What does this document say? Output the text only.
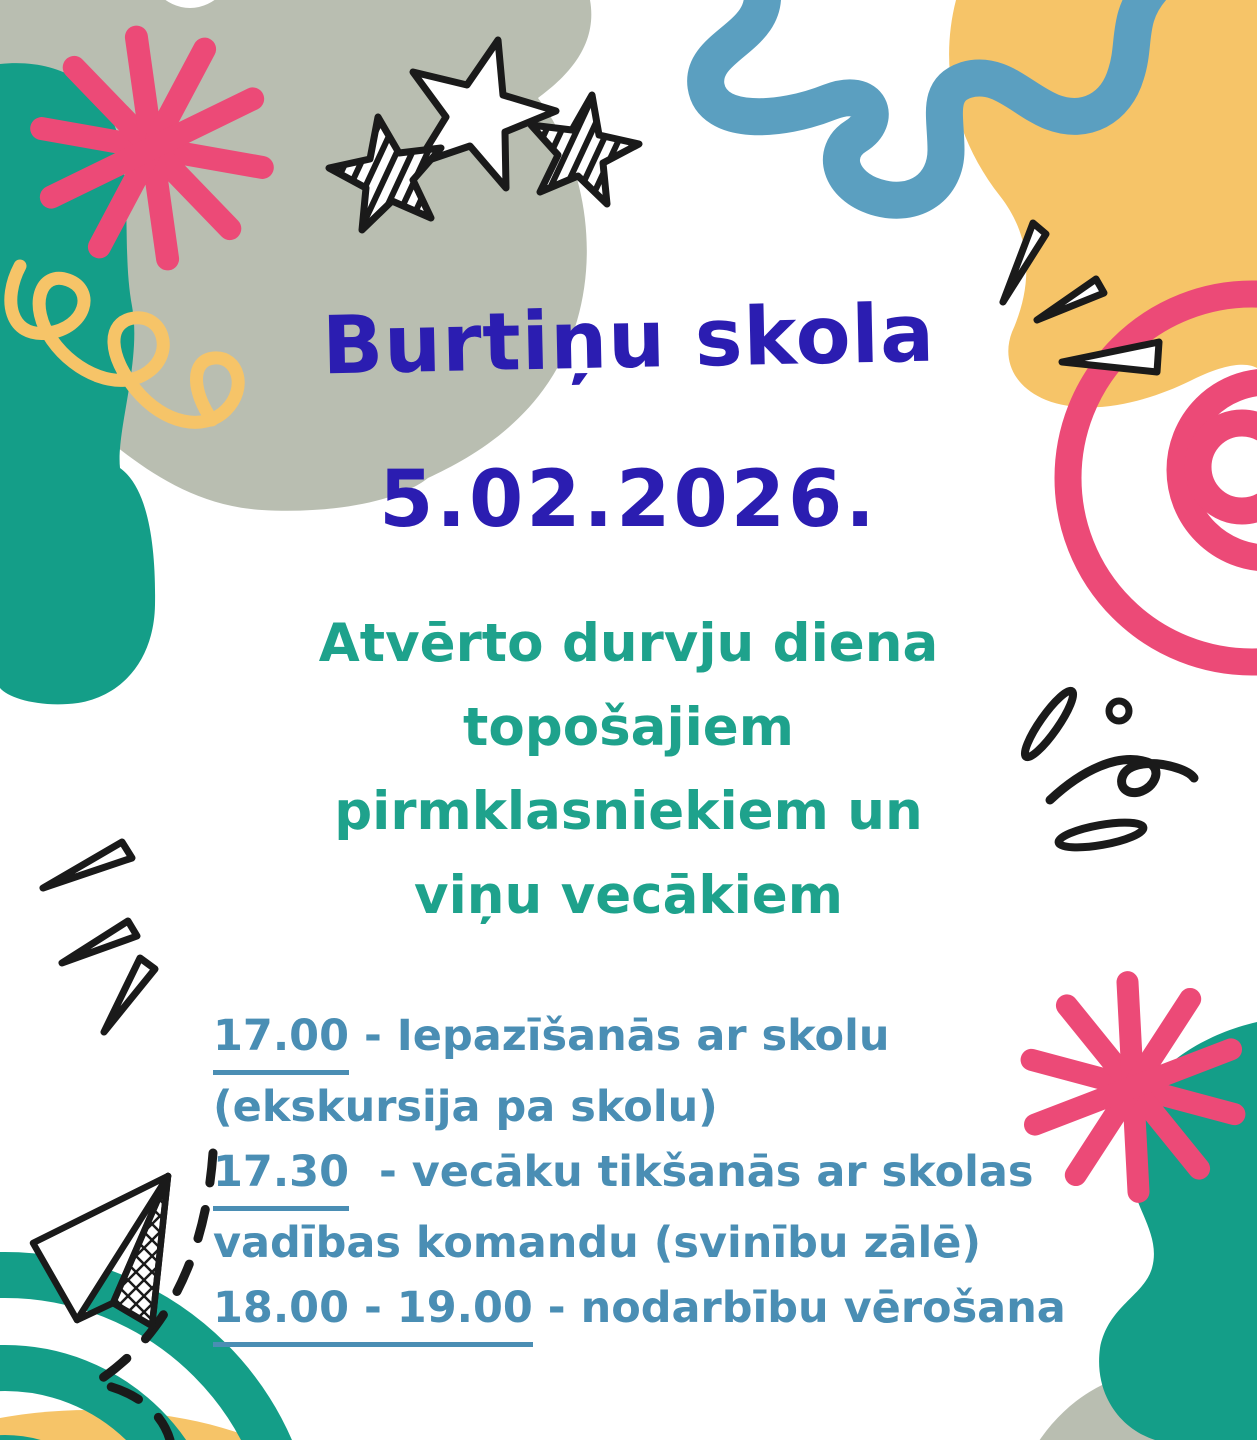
Burtiņu skola
5.02.2026.
Atvērto durvju diena
topošajiem
pirmklasniekiem un
viņu vecākiem
17.00 - Iepazīšanās ar skolu
(ekskursija pa skolu)
17.30  - vecāku tikšanās ar skolas
vadības komandu (svinību zālē)
18.00 - 19.00 - nodarbību vērošana
